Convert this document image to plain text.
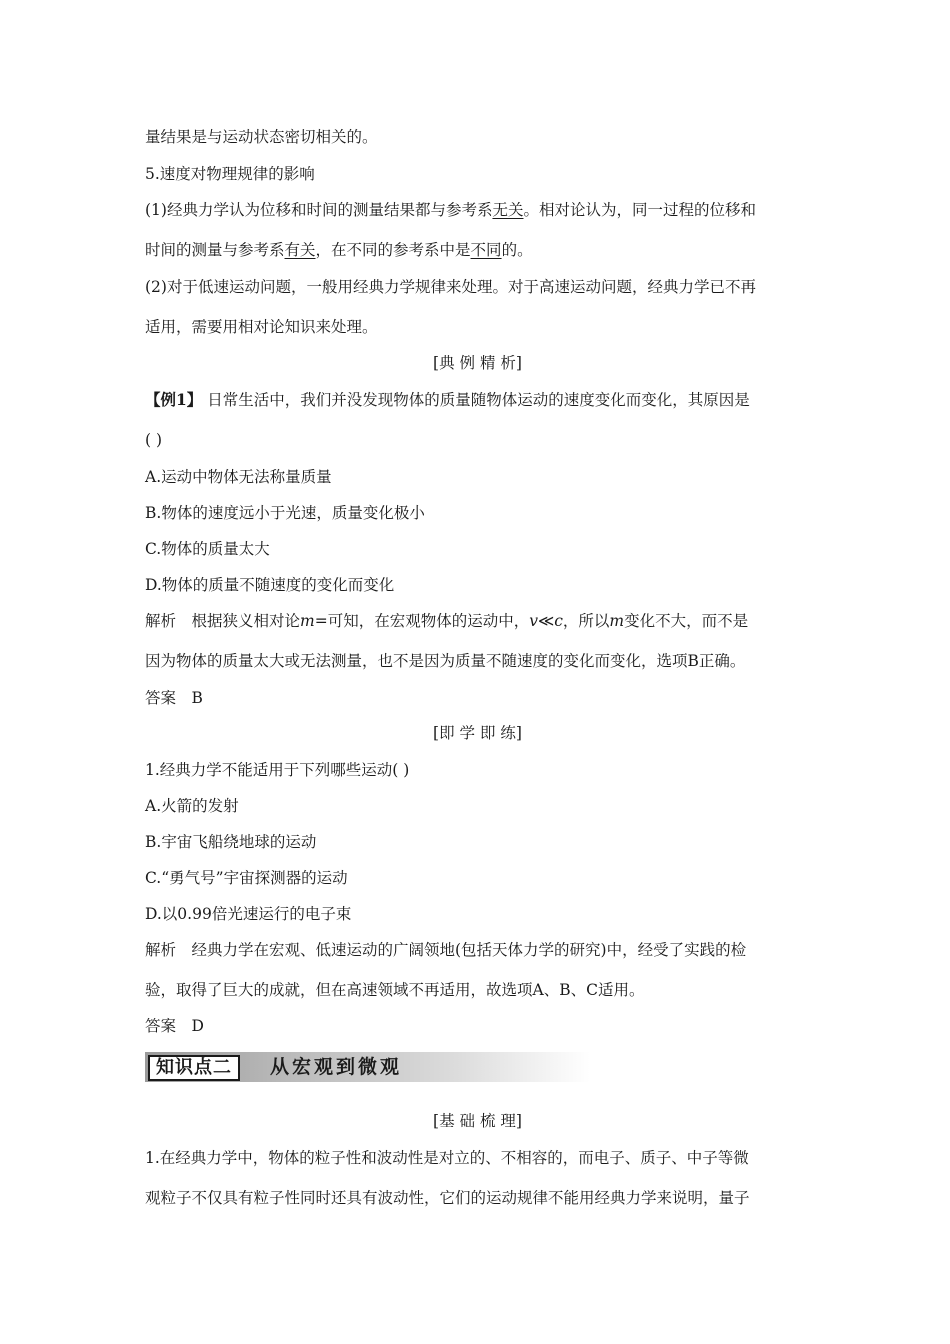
量结果是与运动状态密切相关的。
5.速度对物理规律的影响
(1)经典力学认为位移和时间的测量结果都与参考系无关。相对论认为，同一过程的位移和
时间的测量与参考系有关，在不同的参考系中是不同的。
(2)对于低速运动问题，一般用经典力学规律来处理。对于高速运动问题，经典力学已不再
适用，需要用相对论知识来处理。
[典 例 精 析]
【例1】 日常生活中，我们并没发现物体的质量随物体运动的速度变化而变化，其原因是
( )
A.运动中物体无法称量质量
B.物体的速度远小于光速，质量变化极小
C.物体的质量太大
D.物体的质量不随速度的变化而变化
解析　根据狭义相对论m=可知，在宏观物体的运动中，v≪c，所以m变化不大，而不是
因为物体的质量太大或无法测量，也不是因为质量不随速度的变化而变化，选项B正确。
答案　B
[即 学 即 练]
1.经典力学不能适用于下列哪些运动( )
A.火箭的发射
B.宇宙飞船绕地球的运动
C.“勇气号”宇宙探测器的运动
D.以0.99倍光速运行的电子束
解析　经典力学在宏观、低速运动的广阔领地(包括天体力学的研究)中，经受了实践的检
验，取得了巨大的成就，但在高速领域不再适用，故选项A、B、C适用。
答案　D
知识点二	从宏观到微观
[基 础 梳 理]
1.在经典力学中，物体的粒子性和波动性是对立的、不相容的，而电子、质子、中子等微
观粒子不仅具有粒子性同时还具有波动性，它们的运动规律不能用经典力学来说明，量子
